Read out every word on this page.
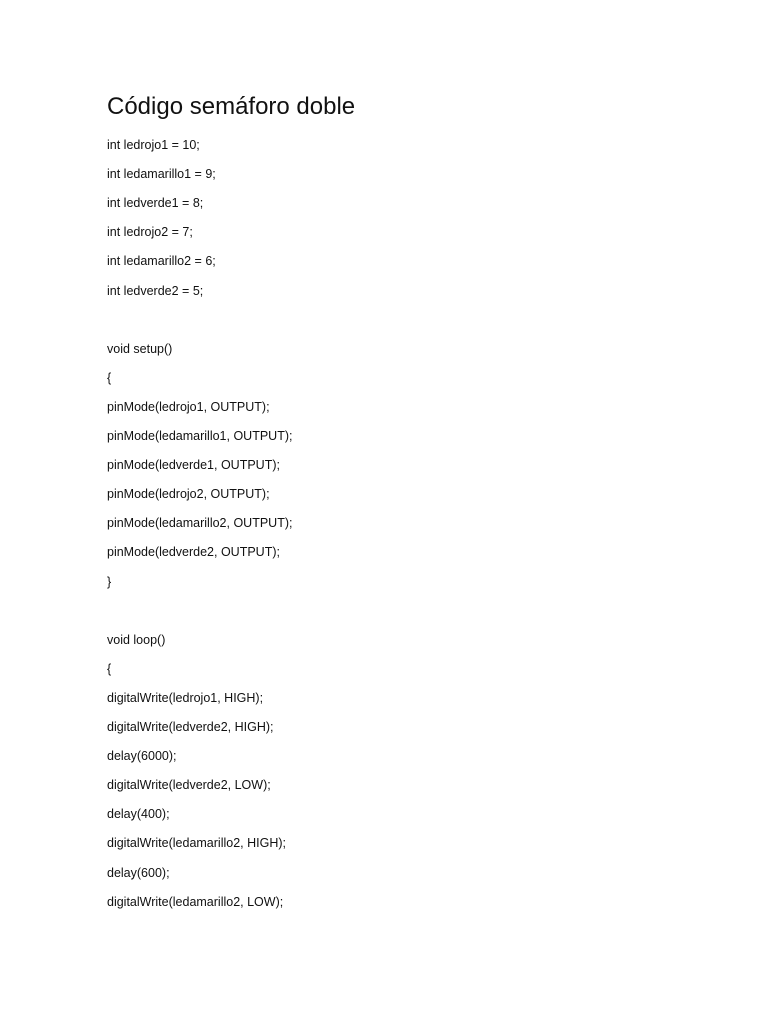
Código semáforo doble
int ledrojo1 = 10;
int ledamarillo1 = 9;
int ledverde1 = 8;
int ledrojo2 = 7;
int ledamarillo2 = 6;
int ledverde2 = 5;
void setup()
{
pinMode(ledrojo1, OUTPUT);
pinMode(ledamarillo1, OUTPUT);
pinMode(ledverde1, OUTPUT);
pinMode(ledrojo2, OUTPUT);
pinMode(ledamarillo2, OUTPUT);
pinMode(ledverde2, OUTPUT);
}
void loop()
{
digitalWrite(ledrojo1, HIGH);
digitalWrite(ledverde2, HIGH);
delay(6000);
digitalWrite(ledverde2, LOW);
delay(400);
digitalWrite(ledamarillo2, HIGH);
delay(600);
digitalWrite(ledamarillo2, LOW);
